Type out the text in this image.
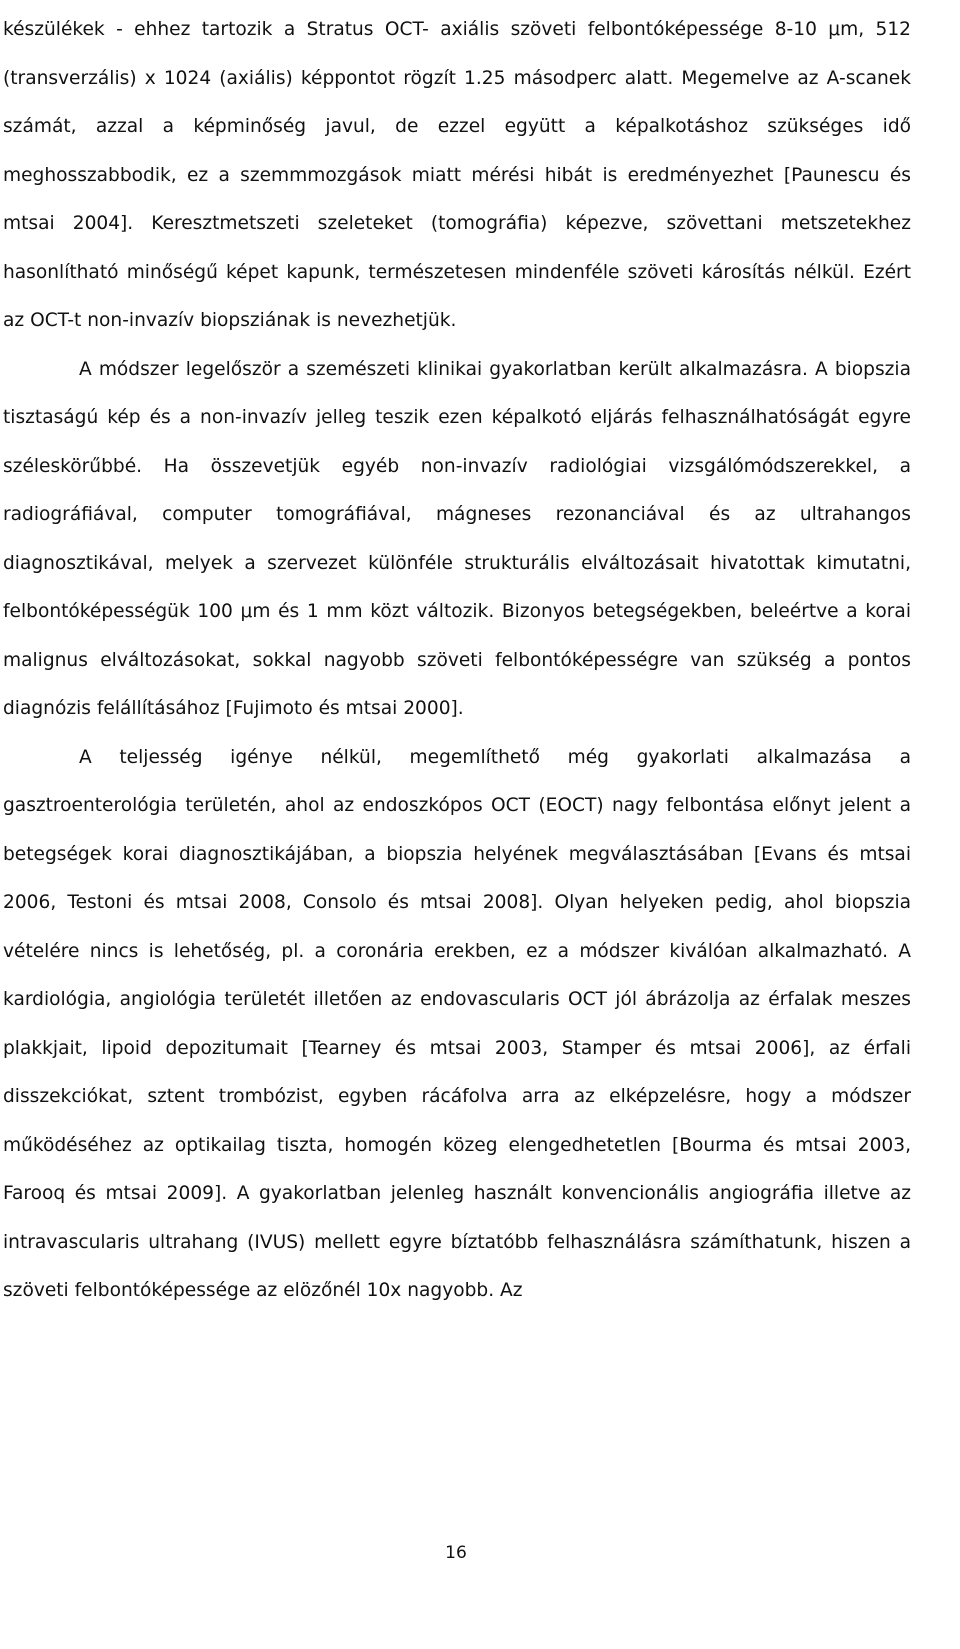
készülékek - ehhez tartozik a Stratus OCT- axiális szöveti felbontóképessége 8-10 μm, 512 (transverzális) x 1024 (axiális) képpontot rögzít 1.25 másodperc alatt. Megemelve az A-scanek számát, azzal a képminőség javul, de ezzel együtt a képalkotáshoz szükséges idő meghosszabbodik, ez a szemmmozgások miatt mérési hibát is eredményezhet [Paunescu és mtsai 2004]. Keresztmetszeti szeleteket (tomográfia) képezve, szövettani metszetekhez hasonlítható minőségű képet kapunk, természetesen mindenféle szöveti károsítás nélkül. Ezért az OCT-t non-invazív biopsziának is nevezhetjük.

A módszer legelőször a szemészeti klinikai gyakorlatban került alkalmazásra. A biopszia tisztaságú kép és a non-invazív jelleg teszik ezen képalkotó eljárás felhasználhatóságát egyre széleskörűbbé. Ha összevetjük egyéb non-invazív radiológiai vizsgálómódszerekkel, a radiográfiával, computer tomográfiával, mágneses rezonanciával és az ultrahangos diagnosztikával, melyek a szervezet különféle strukturális elváltozásait hivatottak kimutatni, felbontóképességük 100 μm és 1 mm közt változik. Bizonyos betegségekben, beleértve a korai malignus elváltozásokat, sokkal nagyobb szöveti felbontóképességre van szükség a pontos diagnózis felállításához [Fujimoto és mtsai 2000].

A teljesség igénye nélkül, megemlíthető még gyakorlati alkalmazása a gasztroenterológia területén, ahol az endoszkópos OCT (EOCT) nagy felbontása előnyt jelent a betegségek korai diagnosztikájában, a biopszia helyének megválasztásában [Evans és mtsai 2006, Testoni és mtsai 2008, Consolo és mtsai 2008]. Olyan helyeken pedig, ahol biopszia vételére nincs is lehetőség, pl. a coronária erekben, ez a módszer kiválóan alkalmazható. A kardiológia, angiológia területét illetően az endovascularis OCT jól ábrázolja az érfalak meszes plakkjait, lipoid depozitumait [Tearney és mtsai 2003, Stamper és mtsai 2006], az érfali disszekciókat, sztent trombózist, egyben rácáfolva arra az elképzelésre, hogy a módszer működéséhez az optikailag tiszta, homogén közeg elengedhetetlen [Bourma és mtsai 2003, Farooq és mtsai 2009]. A gyakorlatban jelenleg használt konvencionális angiográfia illetve az intravascularis ultrahang (IVUS) mellett egyre bíztatóbb felhasználásra számíthatunk, hiszen a szöveti felbontóképessége az elözőnél 10x nagyobb. Az

16
